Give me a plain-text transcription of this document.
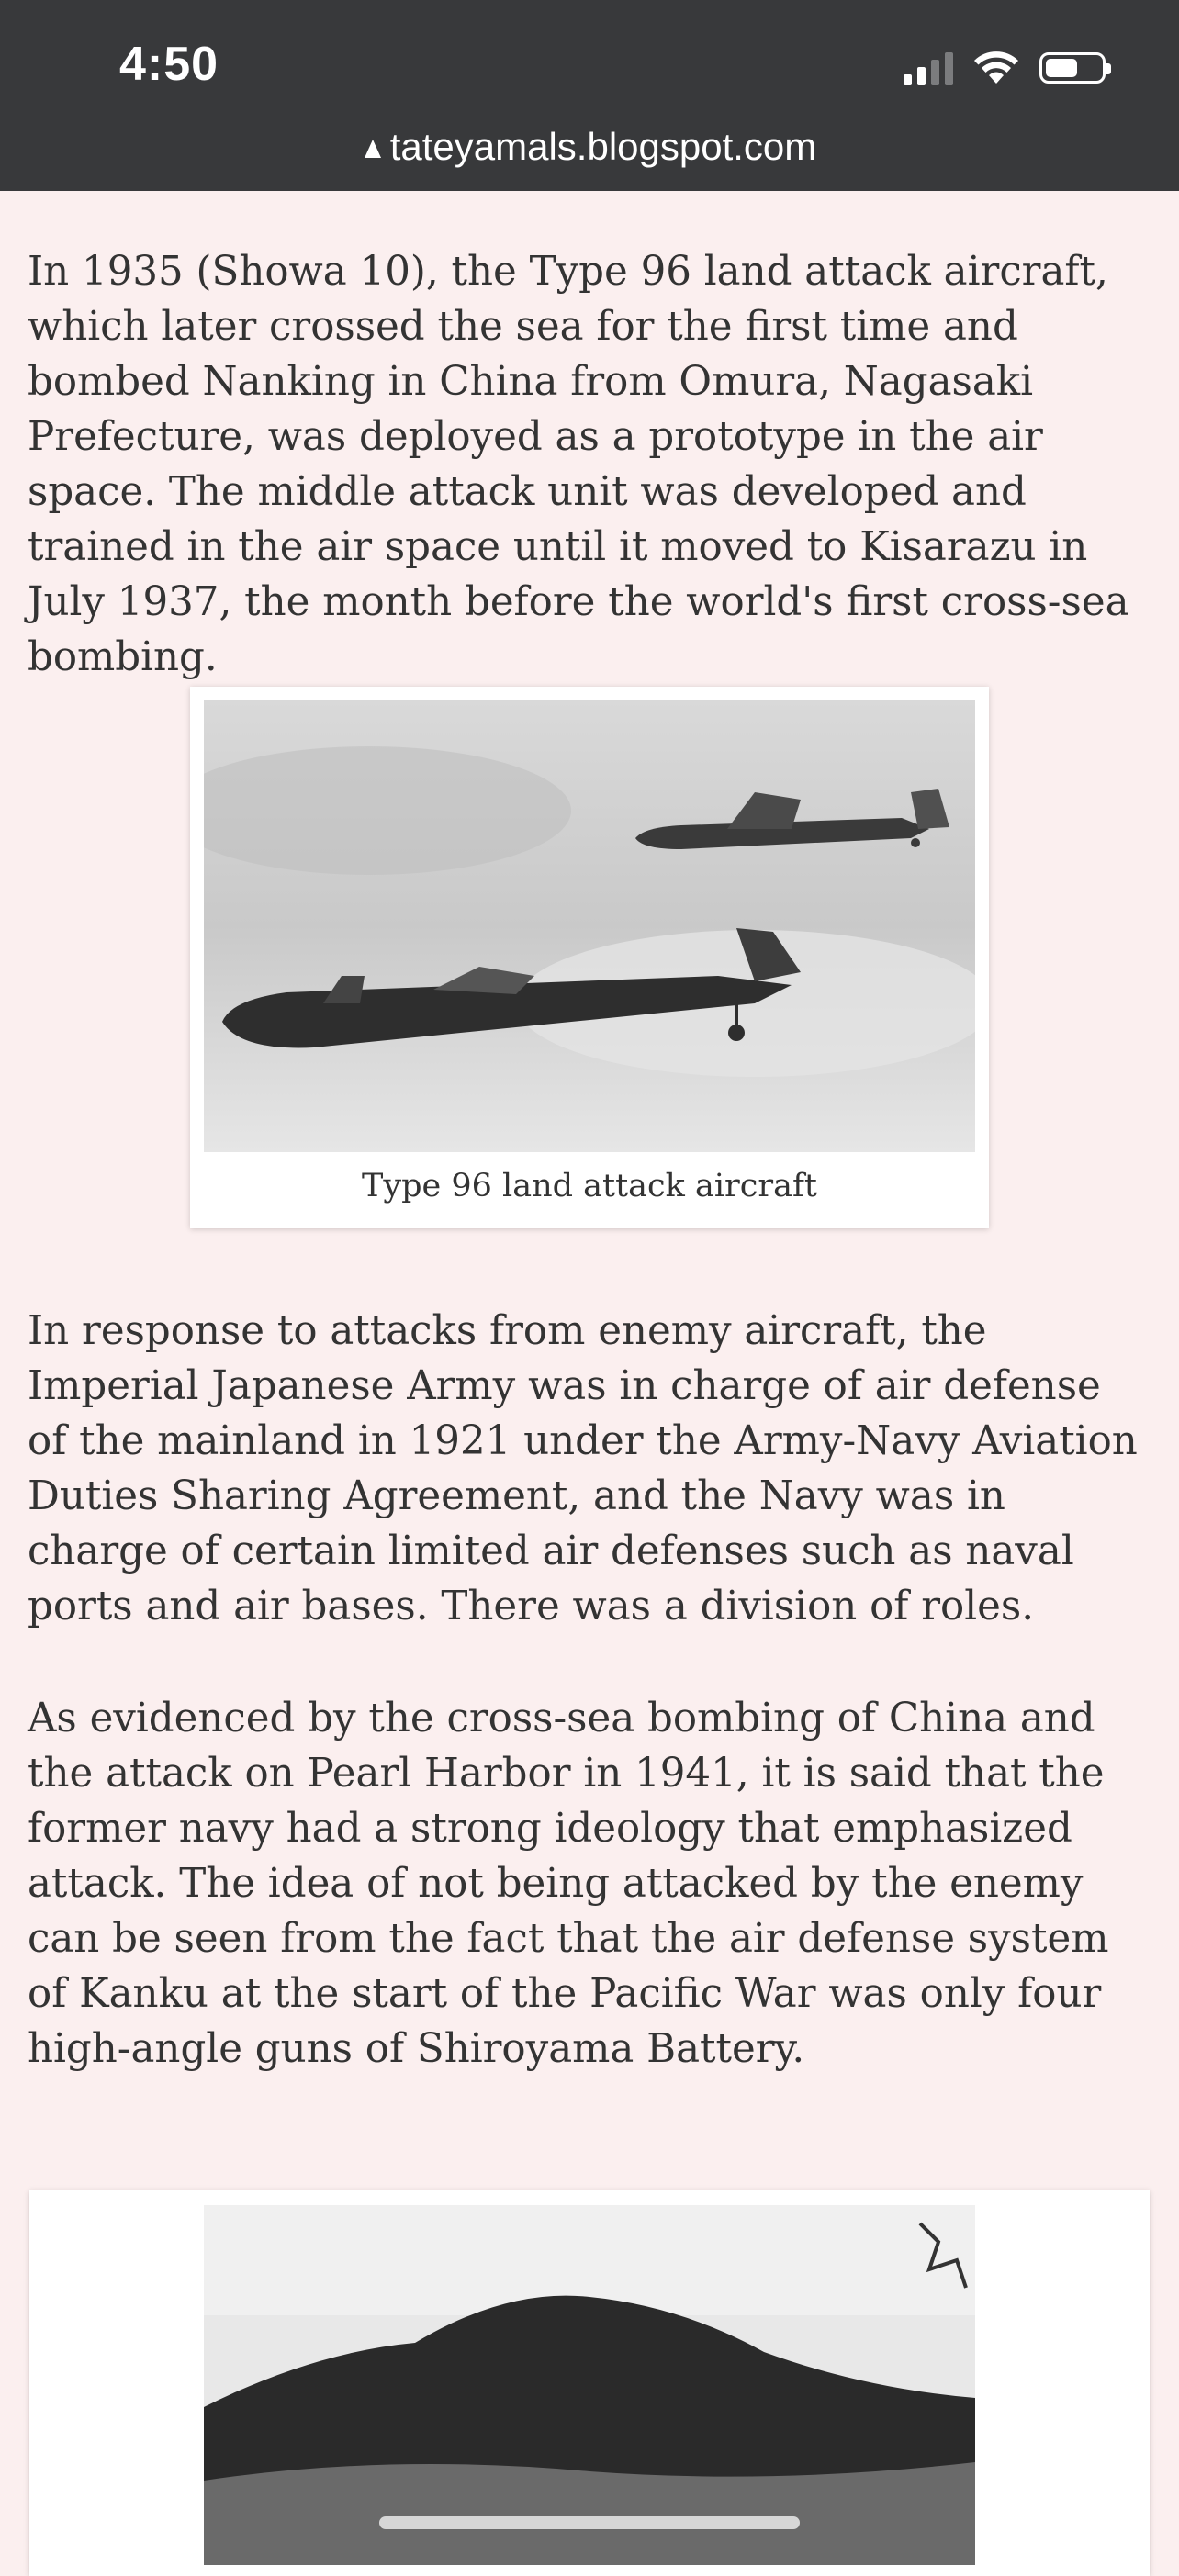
4:50
tateyamals.blogspot.com

In 1935 (Showa 10), the Type 96 land attack aircraft, which later crossed the sea for the first time and bombed Nanking in China from Omura, Nagasaki Prefecture, was deployed as a prototype in the air space. The middle attack unit was developed and trained in the air space until it moved to Kisarazu in July 1937, the month before the world's first cross-sea bombing.

Type 96 land attack aircraft

In response to attacks from enemy aircraft, the Imperial Japanese Army was in charge of air defense of the mainland in 1921 under the Army-Navy Aviation Duties Sharing Agreement, and the Navy was in charge of certain limited air defenses such as naval ports and air bases. There was a division of roles.

As evidenced by the cross-sea bombing of China and the attack on Pearl Harbor in 1941, it is said that the former navy had a strong ideology that emphasized attack. The idea of not being attacked by the enemy can be seen from the fact that the air defense system of Kanku at the start of the Pacific War was only four high-angle guns of Shiroyama Battery.
